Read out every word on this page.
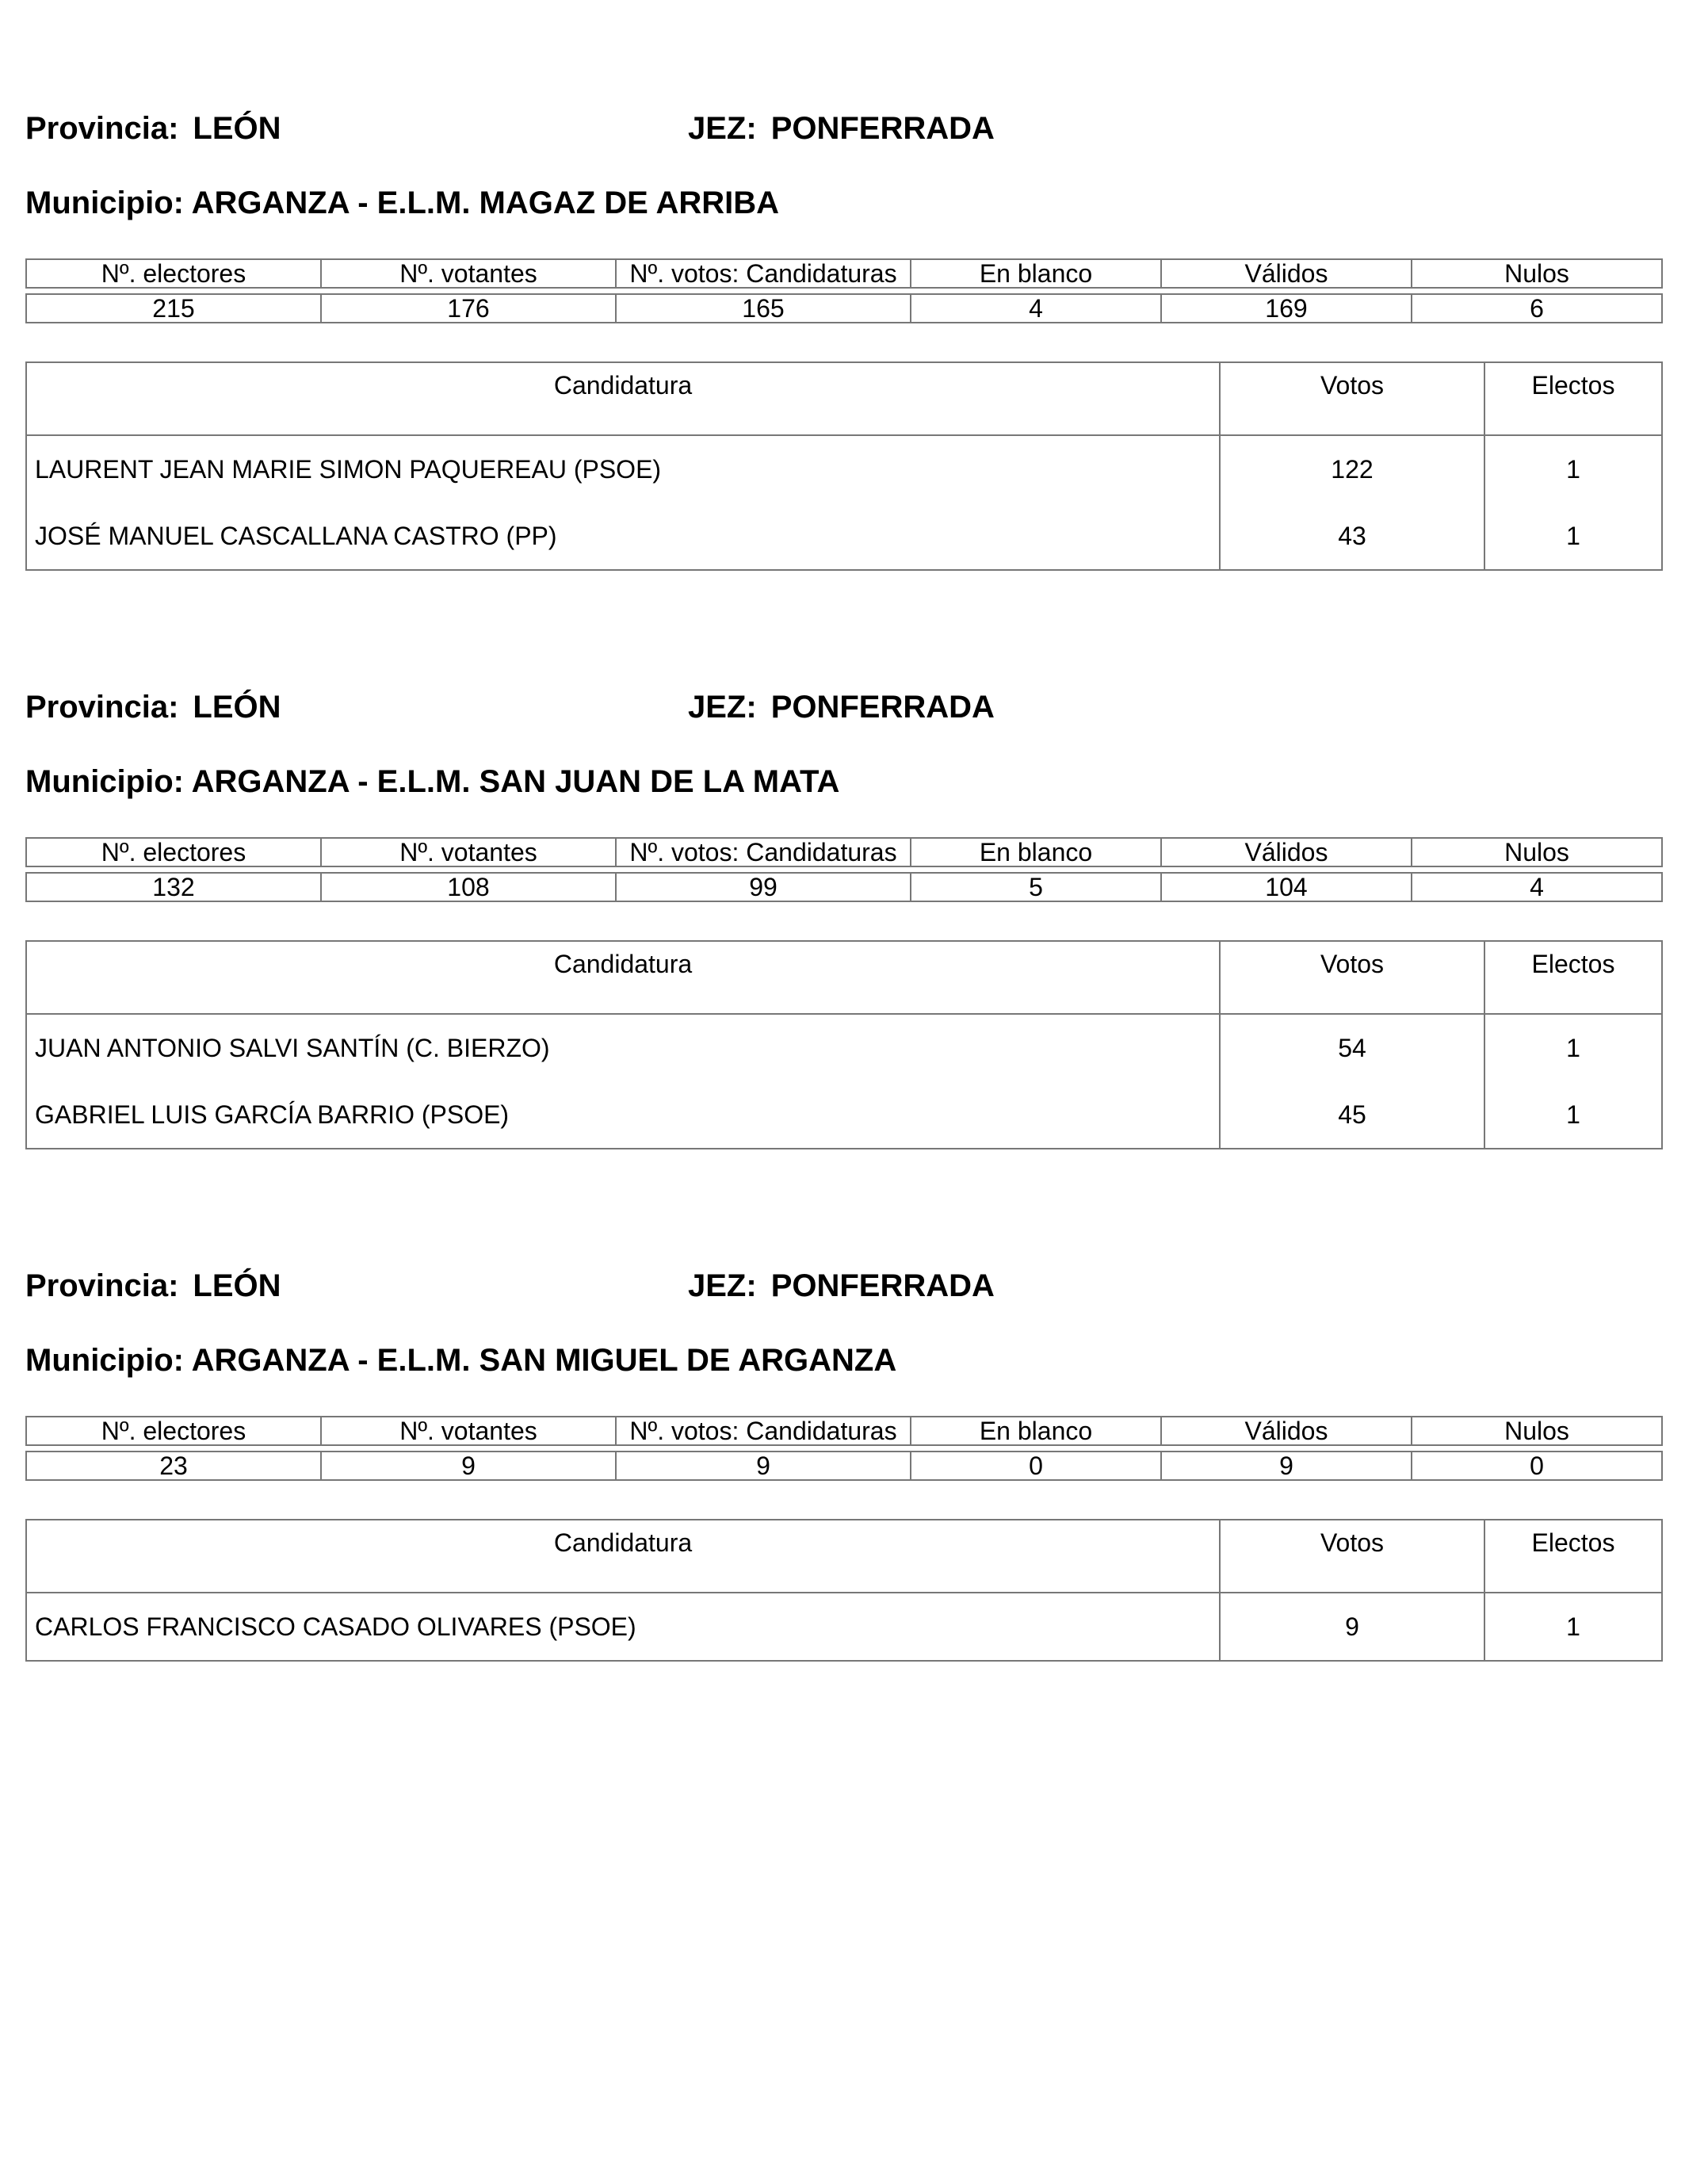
Provincia: LEÓN	JEZ: PONFERRADA
Municipio: ARGANZA - E.L.M. MAGAZ DE ARRIBA
Nº. electores	Nº. votantes	Nº. votos: Candidaturas	En blanco	Válidos	Nulos

215	176	165	4	169	6
Candidatura	Votos	Electos
LAURENT JEAN MARIE SIMON PAQUEREAU (PSOE)	122	1
JOSÉ MANUEL CASCALLANA CASTRO (PP)	43	1
Provincia: LEÓN	JEZ: PONFERRADA
Municipio: ARGANZA - E.L.M. SAN JUAN DE LA MATA
Nº. electores	Nº. votantes	Nº. votos: Candidaturas	En blanco	Válidos	Nulos

132	108	99	5	104	4
Candidatura	Votos	Electos
JUAN ANTONIO SALVI SANTÍN (C. BIERZO)	54	1
GABRIEL LUIS GARCÍA BARRIO (PSOE)	45	1
Provincia: LEÓN	JEZ: PONFERRADA
Municipio: ARGANZA - E.L.M. SAN MIGUEL DE ARGANZA
Nº. electores	Nº. votantes	Nº. votos: Candidaturas	En blanco	Válidos	Nulos

23	9	9	0	9	0
Candidatura	Votos	Electos
CARLOS FRANCISCO CASADO OLIVARES (PSOE)	9	1
